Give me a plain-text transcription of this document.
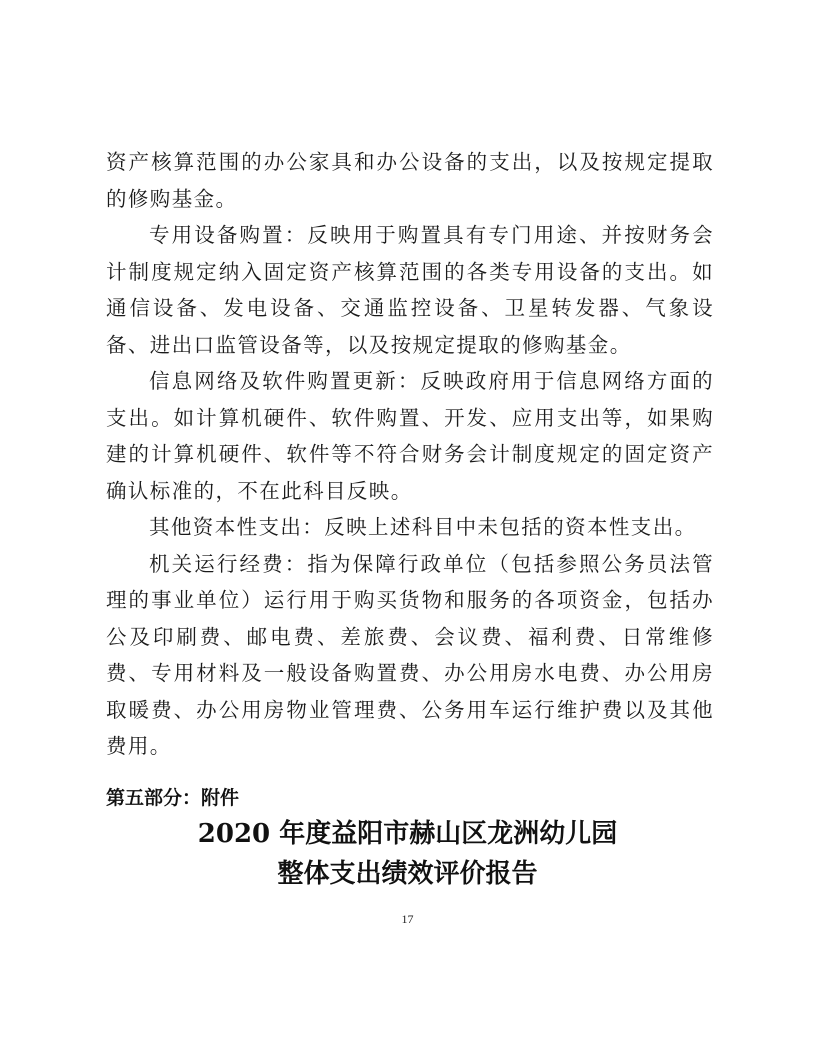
资产核算范围的办公家具和办公设备的支出，以及按规定提取的修购基金。

专用设备购置：反映用于购置具有专门用途、并按财务会计制度规定纳入固定资产核算范围的各类专用设备的支出。如通信设备、发电设备、交通监控设备、卫星转发器、气象设备、进出口监管设备等，以及按规定提取的修购基金。

信息网络及软件购置更新：反映政府用于信息网络方面的支出。如计算机硬件、软件购置、开发、应用支出等，如果购建的计算机硬件、软件等不符合财务会计制度规定的固定资产确认标准的，不在此科目反映。

其他资本性支出：反映上述科目中未包括的资本性支出。

机关运行经费：指为保障行政单位（包括参照公务员法管理的事业单位）运行用于购买货物和服务的各项资金，包括办公及印刷费、邮电费、差旅费、会议费、福利费、日常维修费、专用材料及一般设备购置费、办公用房水电费、办公用房取暖费、办公用房物业管理费、公务用车运行维护费以及其他费用。

第五部分：附件
2020 年度益阳市赫山区龙洲幼儿园
整体支出绩效评价报告
17
